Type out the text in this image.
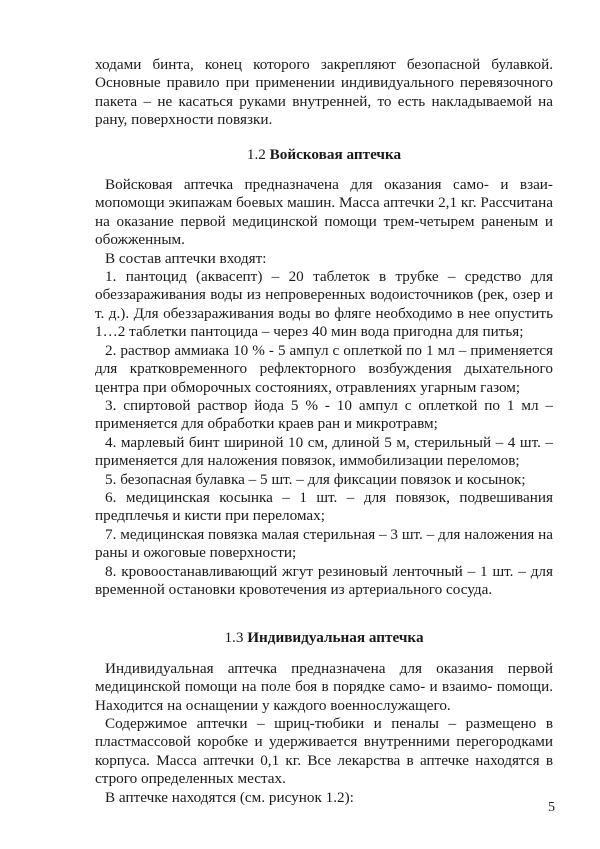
ходами бинта, конец которого закрепляют безопасной булавкой. Основные правило при применении индивидуального перевязочного пакета – не касаться руками внутренней, то есть накладываемой на рану, поверхности повязки.

1.2 Войсковая аптечка

Войсковая аптечка предназначена для оказания само- и взаи- мопомощи экипажам боевых машин. Масса аптечки 2,1 кг. Рассчитана на оказание первой медицинской помощи трем-четырем раненым и обожженным.

В состав аптечки входят:

1. пантоцид (аквасепт) – 20 таблеток в трубке – средство для обеззараживания воды из непроверенных водоисточников (рек, озер и т. д.). Для обеззараживания воды во фляге необходимо в нее опустить 1…2 таблетки пантоцида – через 40 мин вода пригодна для питья;

2. раствор аммиака 10 % - 5 ампул с оплеткой по 1 мл – применяется для кратковременного рефлекторного возбуждения дыхательного центра при обморочных состояниях, отравлениях угарным газом;

3. спиртовой раствор йода 5 % - 10 ампул с оплеткой по 1 мл – применяется для обработки краев ран и микротравм;

4. марлевый бинт шириной 10 см, длиной 5 м, стерильный – 4 шт. – применяется для наложения повязок, иммобилизации переломов;

5. безопасная булавка – 5 шт. – для фиксации повязок и косынок;

6. медицинская косынка – 1 шт. – для повязок, подвешивания предплечья и кисти при переломах;

7. медицинская повязка малая стерильная – 3 шт. – для наложения на раны и ожоговые поверхности;

8. кровоостанавливающий жгут резиновый ленточный – 1 шт. – для временной остановки кровотечения из артериального сосуда.

1.3 Индивидуальная аптечка

Индивидуальная аптечка предназначена для оказания первой медицинской помощи на поле боя в порядке само- и взаимо- помощи. Находится на оснащении у каждого военнослужащего.

Содержимое аптечки – шриц-тюбики и пеналы – размещено в пластмассовой коробке и удерживается внутренними перегородками корпуса. Масса аптечки 0,1 кг. Все лекарства в аптечке находятся в строго определенных местах.

В аптечке находятся (см. рисунок 1.2):

5
